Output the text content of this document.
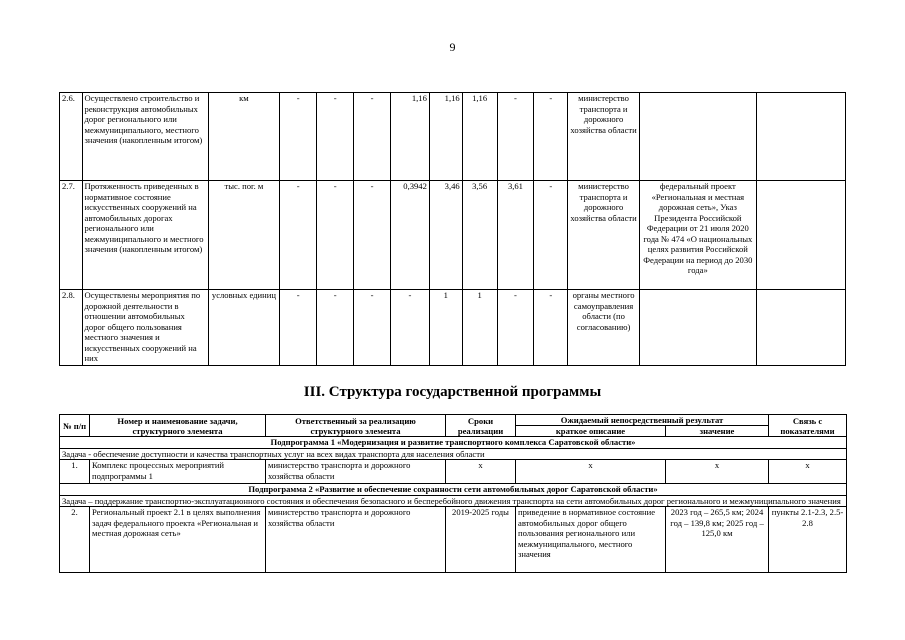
9
2.6.	Осуществлено строительство и реконструкция автомобильных дорог регионального или межмуниципального, местного значения (накопленным итогом)	км	-	-	-	1,16	1,16	1,16	-	-	министерство транспорта и дорожного хозяйства области		
2.7.	Протяженность приведенных в нормативное состояние искусственных сооружений на автомобильных дорогах регионального или межмуниципального и местного значения (накопленным итогом)	тыс. пог. м	-	-	-	0,3942	3,46	3,56	3,61	-	министерство транспорта и дорожного хозяйства области	федеральный проект «Региональная и местная дорожная сеть», Указ Президента Российской Федерации от 21 июля 2020 года № 474 «О национальных целях развития Российской Федерации на период до 2030 года»	
2.8.	Осуществлены мероприятия по дорожной деятельности в отношении автомобильных дорог общего пользования местного значения и искусственных сооружений на них	условных единиц	-	-	-	-	1	1	-	-	органы местного самоуправления области (по согласованию)		
III. Структура государственной программы
№ п/п	Номер и наименование задачи, структурного элемента	Ответственный за реализацию структурного элемента	Сроки реализации	Ожидаемый непосредственный результат		Связь с показателями
				краткое описание	значение	
Подпрограмма 1 «Модернизация и развитие транспортного комплекса Саратовской области»						
Задача - обеспечение доступности и качества транспортных услуг на всех видах транспорта для населения области						
1.	Комплекс процессных мероприятий подпрограммы 1	министерство транспорта и дорожного хозяйства области	x	x	x	x
Подпрограмма 2 «Развитие и обеспечение сохранности сети автомобильных дорог Саратовской области»						
Задача – поддержание транспортно-эксплуатационного состояния и обеспечения безопасного и бесперебойного движения транспорта на сети автомобильных дорог регионального и межмуниципального значения						
2.	Региональный проект 2.1 в целях выполнения задач федерального проекта «Региональная и местная дорожная сеть»	министерство транспорта и дорожного хозяйства области	2019-2025 годы	приведение в нормативное состояние автомобильных дорог общего пользования регионального или межмуниципального, местного значения	2023 год – 265,5 км; 2024 год – 139,8 км; 2025 год – 125,0 км	пункты 2.1-2.3, 2.5-2.8
